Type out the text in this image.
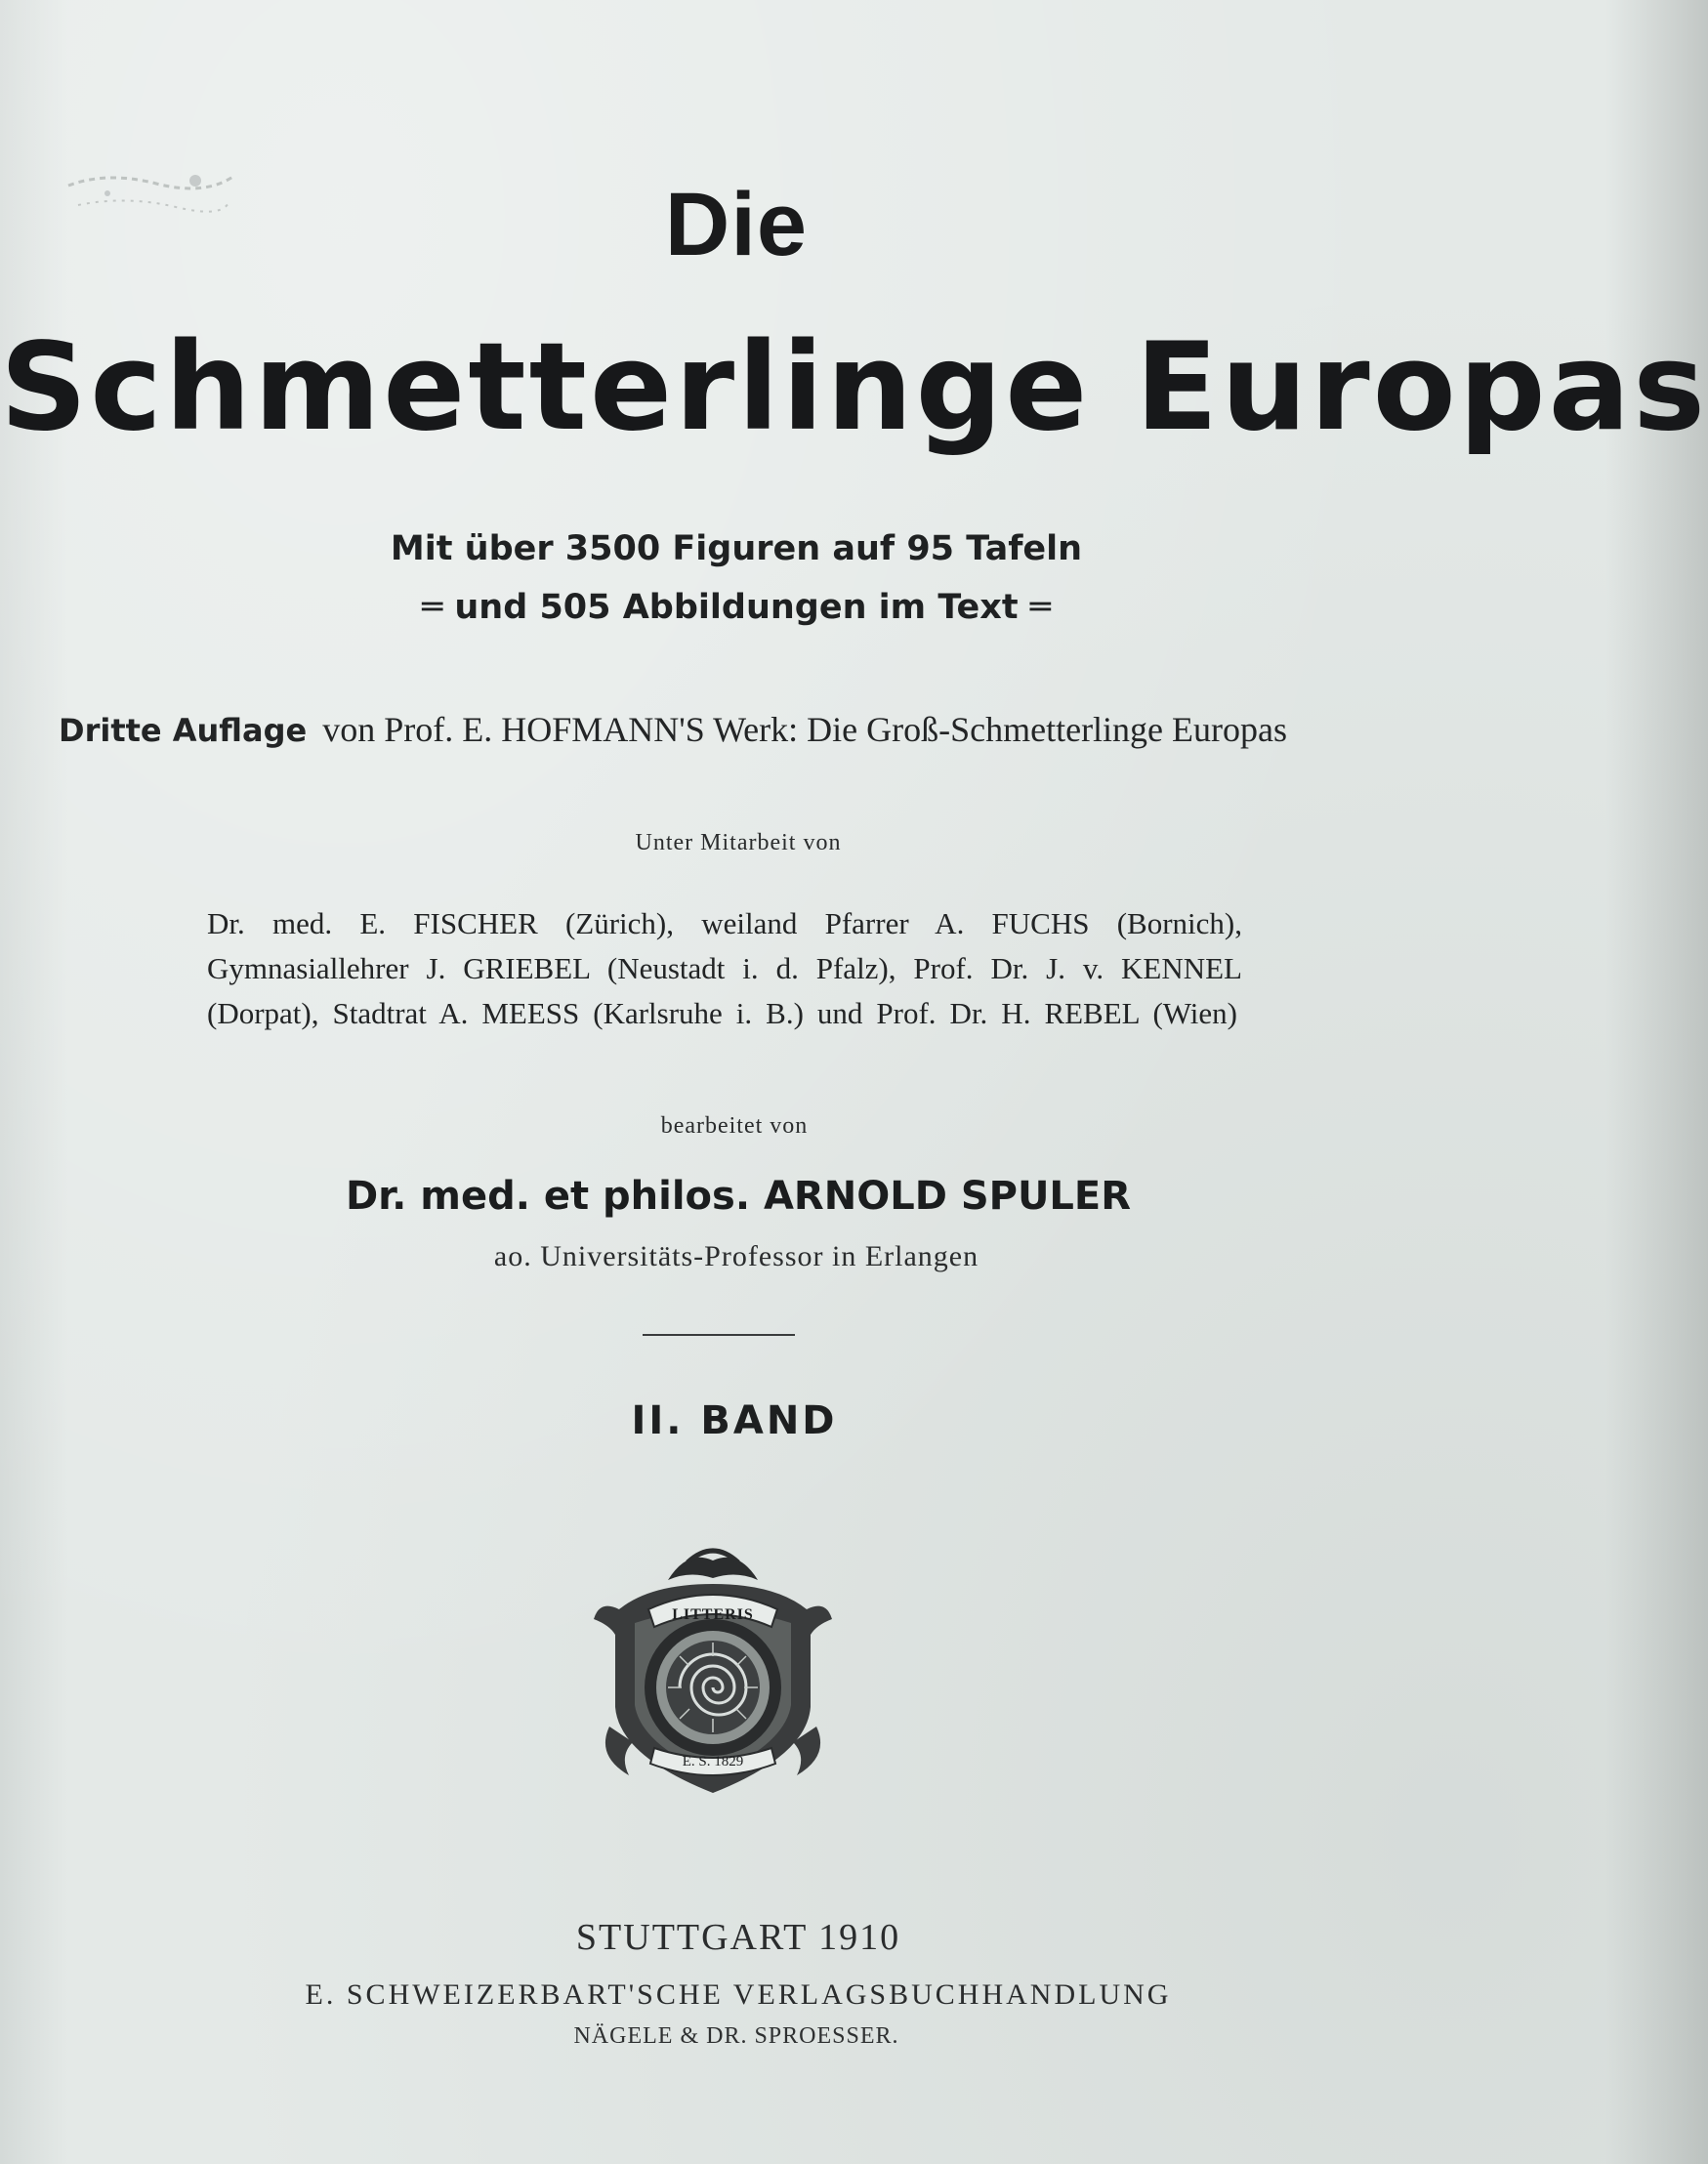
Die
Schmetterlinge Europas
Mit über 3500 Figuren auf 95 Tafeln
═ und 505 Abbildungen im Text ═
Dritte Auflage von Prof. E. HOFMANN'S Werk: Die Groß-Schmetterlinge Europas
Unter Mitarbeit von
Dr. med. E. FISCHER (Zürich), weiland Pfarrer A. FUCHS (Bornich),
Gymnasiallehrer J. GRIEBEL (Neustadt i. d. Pfalz), Prof. Dr. J. v. KENNEL
(Dorpat), Stadtrat A. MEESS (Karlsruhe i. B.) und Prof. Dr. H. REBEL (Wien)
bearbeitet von
Dr. med. et philos. ARNOLD SPULER
ao. Universitäts-Professor in Erlangen
II. BAND
LITTERIS
E. S. 1829
STUTTGART 1910
E. SCHWEIZERBART'SCHE VERLAGSBUCHHANDLUNG
NÄGELE & DR. SPROESSER.
